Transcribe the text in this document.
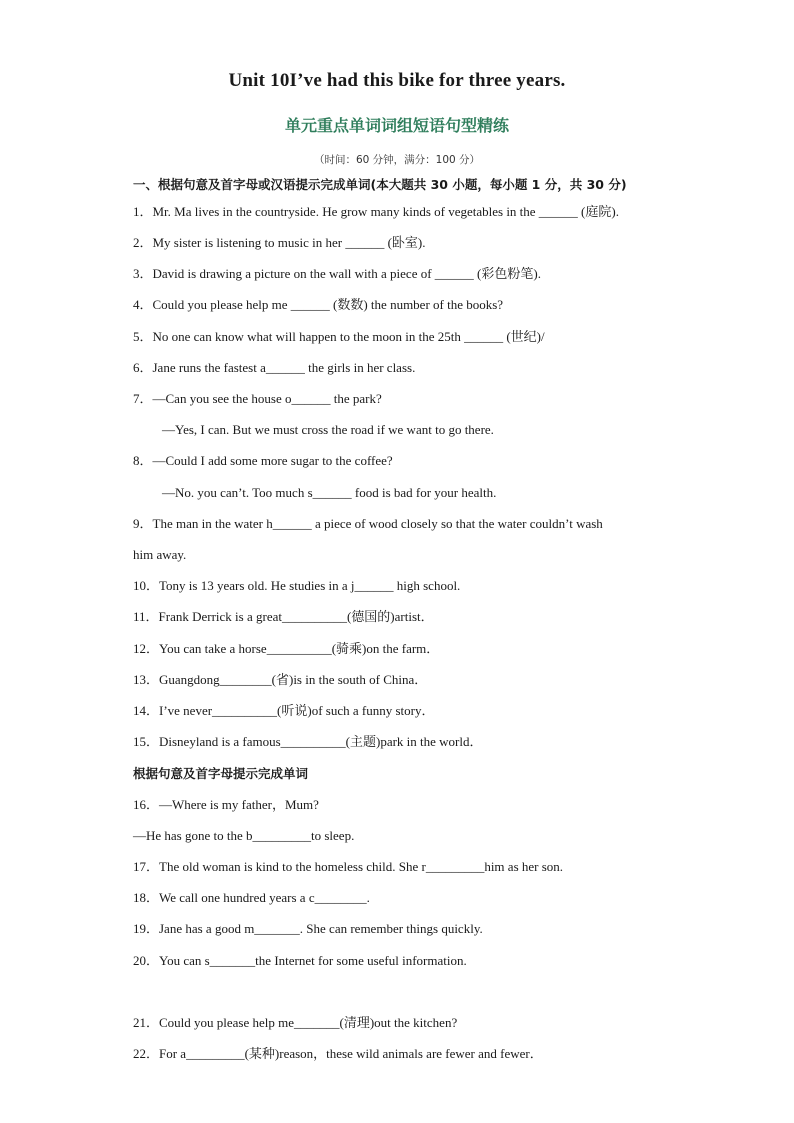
Unit 10I’ve had this bike for three years.
单元重点单词词组短语句型精练
（时间：60 分钟，满分：100 分）
一、根据句意及首字母或汉语提示完成单词(本大题共 30 小题，每小题 1 分，共 30 分)
1．Mr. Ma lives in the countryside. He grow many kinds of vegetables in the ______ (庭院).
2．My sister is listening to music in her ______ (卧室).
3．David is drawing a picture on the wall with a piece of ______ (彩色粉笔).
4．Could you please help me ______ (数数) the number of the books?
5．No one can know what will happen to the moon in the 25th ______ (世纪)/
6．Jane runs the fastest a______ the girls in her class.
7．—Can you see the house o______ the park?
—Yes, I can. But we must cross the road if we want to go there.
8．—Could I add some more sugar to the coffee?
—No. you can’t. Too much s______ food is bad for your health.
9．The man in the water h______ a piece of wood closely so that the water couldn’t wash
him away.
10．Tony is 13 years old. He studies in a j______ high school.
11．Frank Derrick is a great__________(德国的)artist．
12．You can take a horse__________(骑乘)on the farm．
13．Guangdong________(省)is in the south of China．
14．I’ve never__________(听说)of such a funny story．
15．Disneyland is a famous__________(主题)park in the world．
根据句意及首字母提示完成单词
16．—Where is my father，Mum?
—He has gone to the b_________to sleep.
17．The old woman is kind to the homeless child. She r_________him as her son.
18．We call one hundred years a c________.
19．Jane has a good m_______. She can remember things quickly.
20．You can s_______the Internet for some useful information.
21．Could you please help me_______(清理)out the kitchen?
22．For a_________(某种)reason，these wild animals are fewer and fewer．
